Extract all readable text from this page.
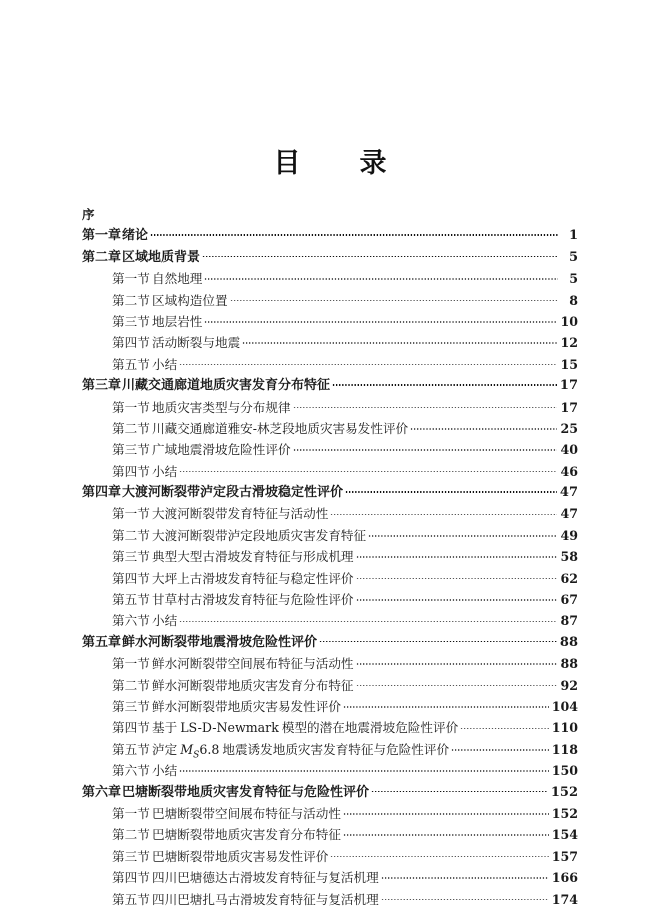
目　录
序
第一章 绪论	1
第二章 区域地质背景	5
第一节 自然地理	5
第二节 区域构造位置	8
第三节 地层岩性	10
第四节 活动断裂与地震	12
第五节 小结	15
第三章 川藏交通廊道地质灾害发育分布特征	17
第一节 地质灾害类型与分布规律	17
第二节 川藏交通廊道雅安-林芝段地质灾害易发性评价	25
第三节 广域地震滑坡危险性评价	40
第四节 小结	46
第四章 大渡河断裂带泸定段古滑坡稳定性评价	47
第一节 大渡河断裂带发育特征与活动性	47
第二节 大渡河断裂带泸定段地质灾害发育特征	49
第三节 典型大型古滑坡发育特征与形成机理	58
第四节 大坪上古滑坡发育特征与稳定性评价	62
第五节 甘草村古滑坡发育特征与危险性评价	67
第六节 小结	87
第五章 鲜水河断裂带地震滑坡危险性评价	88
第一节 鲜水河断裂带空间展布特征与活动性	88
第二节 鲜水河断裂带地质灾害发育分布特征	92
第三节 鲜水河断裂带地质灾害易发性评价	104
第四节 基于 LS-D-Newmark 模型的潜在地震滑坡危险性评价	110
第五节 泸定 $M_S6.8$ 地震诱发地质灾害发育特征与危险性评价	118
第六节 小结	150
第六章 巴塘断裂带地质灾害发育特征与危险性评价	152
第一节 巴塘断裂带空间展布特征与活动性	152
第二节 巴塘断裂带地质灾害发育分布特征	154
第三节 巴塘断裂带地质灾害易发性评价	157
第四节 四川巴塘德达古滑坡发育特征与复活机理	166
第五节 四川巴塘扎马古滑坡发育特征与复活机理	174
